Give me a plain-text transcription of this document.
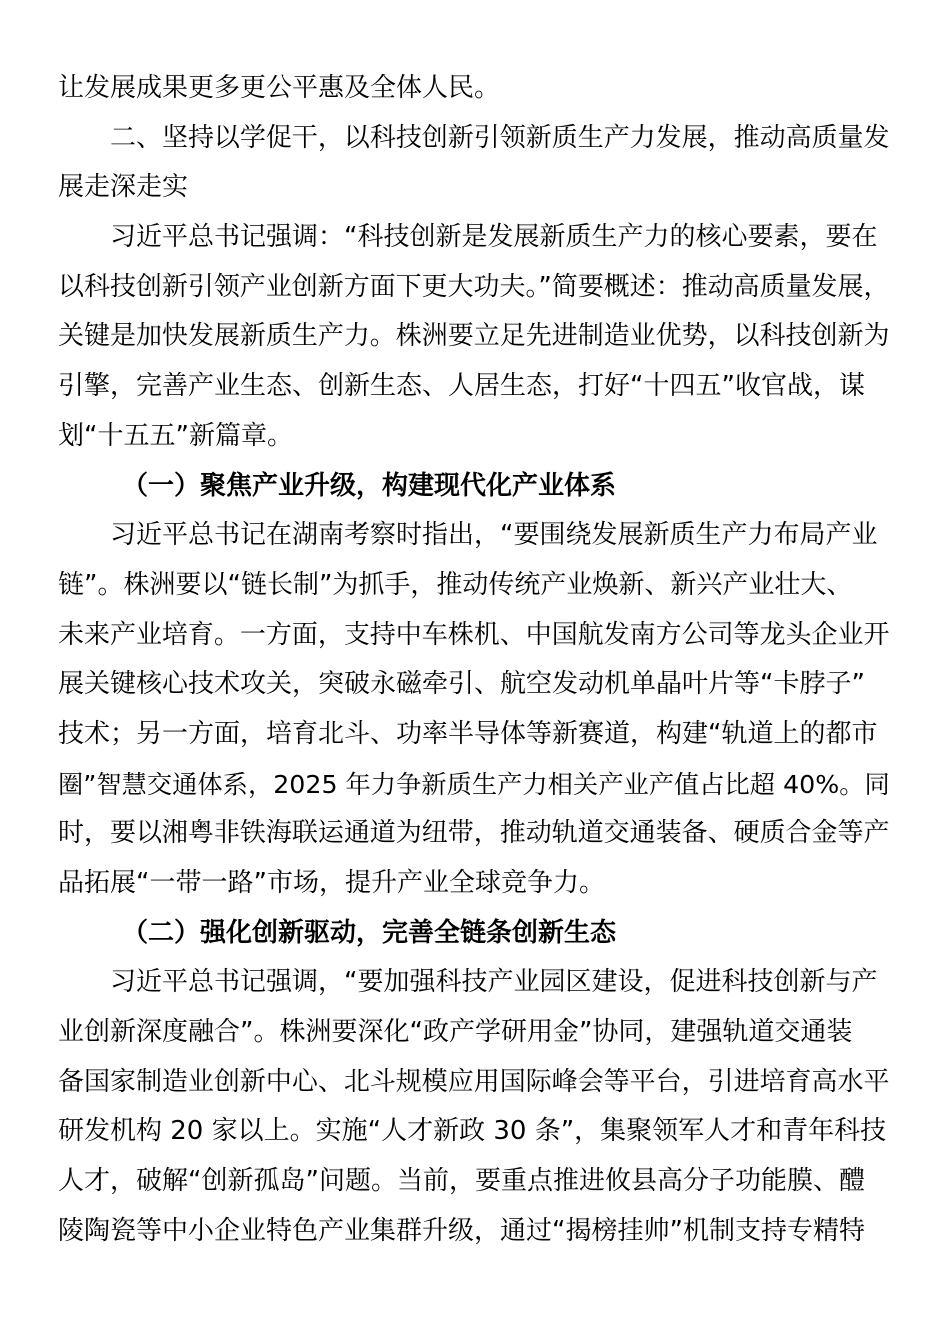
让发展成果更多更公平惠及全体人民。
二、坚持以学促干，以科技创新引领新质生产力发展，推动高质量发
展走深走实
习近平总书记强调：“科技创新是发展新质生产力的核心要素，要在
以科技创新引领产业创新方面下更大功夫。”简要概述：推动高质量发展，
关键是加快发展新质生产力。株洲要立足先进制造业优势，以科技创新为
引擎，完善产业生态、创新生态、人居生态，打好“十四五”收官战，谋
划“十五五”新篇章。
（一）聚焦产业升级，构建现代化产业体系
习近平总书记在湖南考察时指出，“要围绕发展新质生产力布局产业
链”。株洲要以“链长制”为抓手，推动传统产业焕新、新兴产业壮大、
未来产业培育。一方面，支持中车株机、中国航发南方公司等龙头企业开
展关键核心技术攻关，突破永磁牵引、航空发动机单晶叶片等“卡脖子”
技术；另一方面，培育北斗、功率半导体等新赛道，构建“轨道上的都市
圈”智慧交通体系，2025 年力争新质生产力相关产业产值占比超 40%。同
时，要以湘粤非铁海联运通道为纽带，推动轨道交通装备、硬质合金等产
品拓展“一带一路”市场，提升产业全球竞争力。
（二）强化创新驱动，完善全链条创新生态
习近平总书记强调，“要加强科技产业园区建设，促进科技创新与产
业创新深度融合”。株洲要深化“政产学研用金”协同，建强轨道交通装
备国家制造业创新中心、北斗规模应用国际峰会等平台，引进培育高水平
研发机构 20 家以上。实施“人才新政 30 条”，集聚领军人才和青年科技
人才，破解“创新孤岛”问题。当前，要重点推进攸县高分子功能膜、醴
陵陶瓷等中小企业特色产业集群升级，通过“揭榜挂帅”机制支持专精特
